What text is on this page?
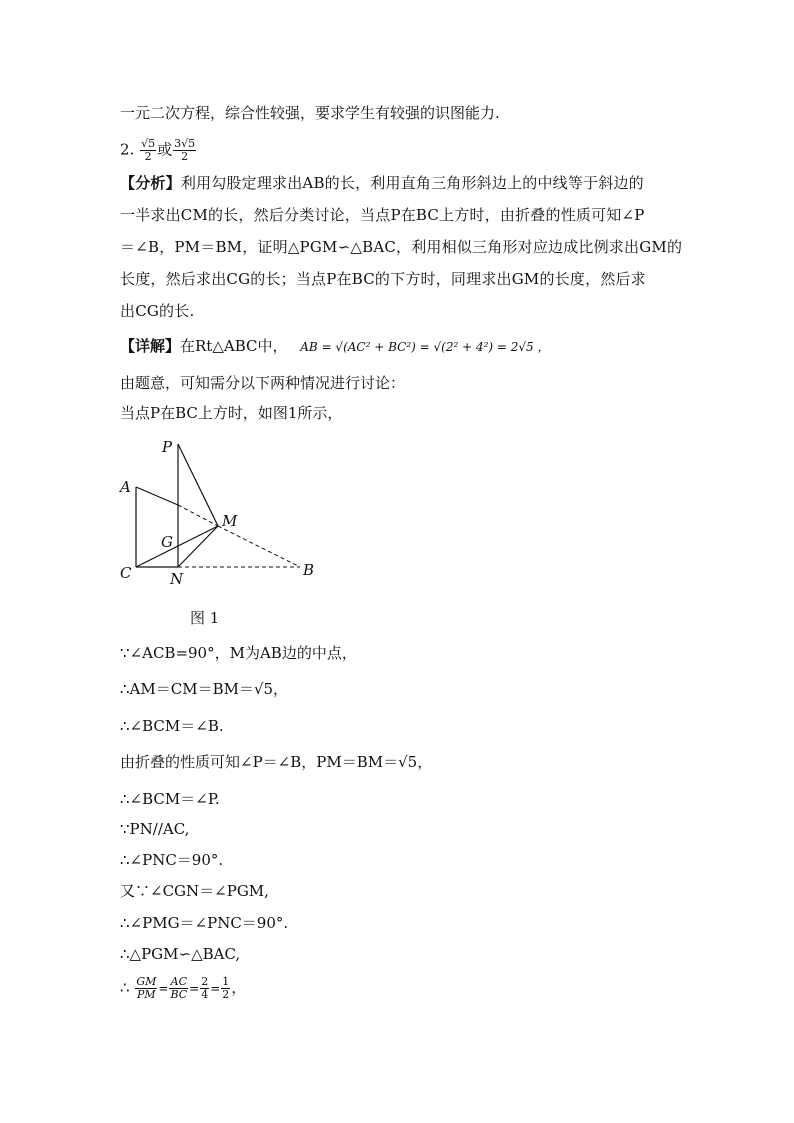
一元二次方程，综合性较强，要求学生有较强的识图能力.
2. $\frac{√5}{2}$ 或 $\frac{3√5}{2}$
【分析】利用勾股定理求出AB的长，利用直角三角形斜边上的中线等于斜边的
一半求出CM的长，然后分类讨论，当点P在BC上方时，由折叠的性质可知∠P
＝∠B，PM＝BM，证明△PGM∽△BAC，利用相似三角形对应边成比例求出GM的
长度，然后求出CG的长；当点P在BC的下方时，同理求出GM的长度，然后求
出CG的长.
【详解】在Rt△ABC中， AB = √(AC² + BC²) = √(2² + 4²) = 2√5 ，
由题意，可知需分以下两种情况进行讨论：
当点P在BC上方时，如图1所示，
P
A
M
G
C	N	B
图 1
∵∠ACB=90°，M为AB边的中点，
∴AM＝CM＝BM＝√5，
∴∠BCM＝∠B.
由折叠的性质可知∠P＝∠B，PM＝BM＝√5，
∴∠BCM＝∠P.
∵PN//AC,
∴∠PNC＝90°.
又∵∠CGN＝∠PGM,
∴∠PMG＝∠PNC＝90°.
∴△PGM∽△BAC,
∴ $\frac{GM}{PM} = \frac{AC}{BC} = \frac{2}{4} = \frac{1}{2}$ ，
